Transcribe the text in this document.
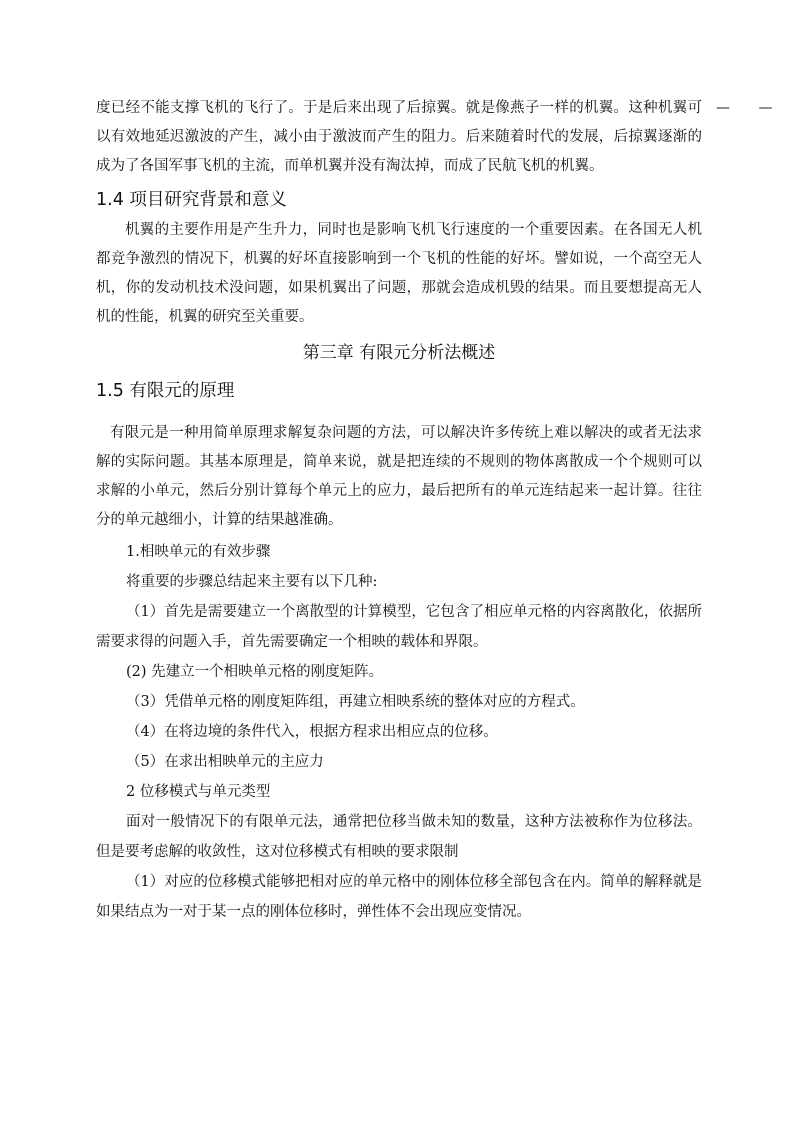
— —

度已经不能支撑飞机的飞行了。于是后来出现了后掠翼。就是像燕子一样的机翼。这种机翼可以有效地延迟激波的产生，减小由于激波而产生的阻力。后来随着时代的发展，后掠翼逐渐的成为了各国军事飞机的主流，而单机翼并没有淘汰掉，而成了民航飞机的机翼。

1.4 项目研究背景和意义

机翼的主要作用是产生升力，同时也是影响飞机飞行速度的一个重要因素。在各国无人机都竞争激烈的情况下，机翼的好坏直接影响到一个飞机的性能的好坏。譬如说，一个高空无人机，你的发动机技术没问题，如果机翼出了问题，那就会造成机毁的结果。而且要想提高无人机的性能，机翼的研究至关重要。

第三章 有限元分析法概述
1.5 有限元的原理

有限元是一种用简单原理求解复杂问题的方法，可以解决许多传统上难以解决的或者无法求解的实际问题。其基本原理是，简单来说，就是把连续的不规则的物体离散成一个个规则可以求解的小单元，然后分别计算每个单元上的应力，最后把所有的单元连结起来一起计算。往往分的单元越细小，计算的结果越准确。

1.相映单元的有效步骤

将重要的步骤总结起来主要有以下几种:

（1）首先是需要建立一个离散型的计算模型，它包含了相应单元格的内容离散化，依据所需要求得的问题入手，首先需要确定一个相映的载体和界限。

(2) 先建立一个相映单元格的刚度矩阵。

（3）凭借单元格的刚度矩阵组，再建立相映系统的整体对应的方程式。

（4）在将边境的条件代入，根据方程求出相应点的位移。

（5）在求出相映单元的主应力

2 位移模式与单元类型

面对一般情况下的有限单元法，通常把位移当做未知的数量，这种方法被称作为位移法。但是要考虑解的收敛性，这对位移模式有相映的要求限制

（1）对应的位移模式能够把相对应的单元格中的刚体位移全部包含在内。简单的解释就是如果结点为一对于某一点的刚体位移时，弹性体不会出现应变情况。
